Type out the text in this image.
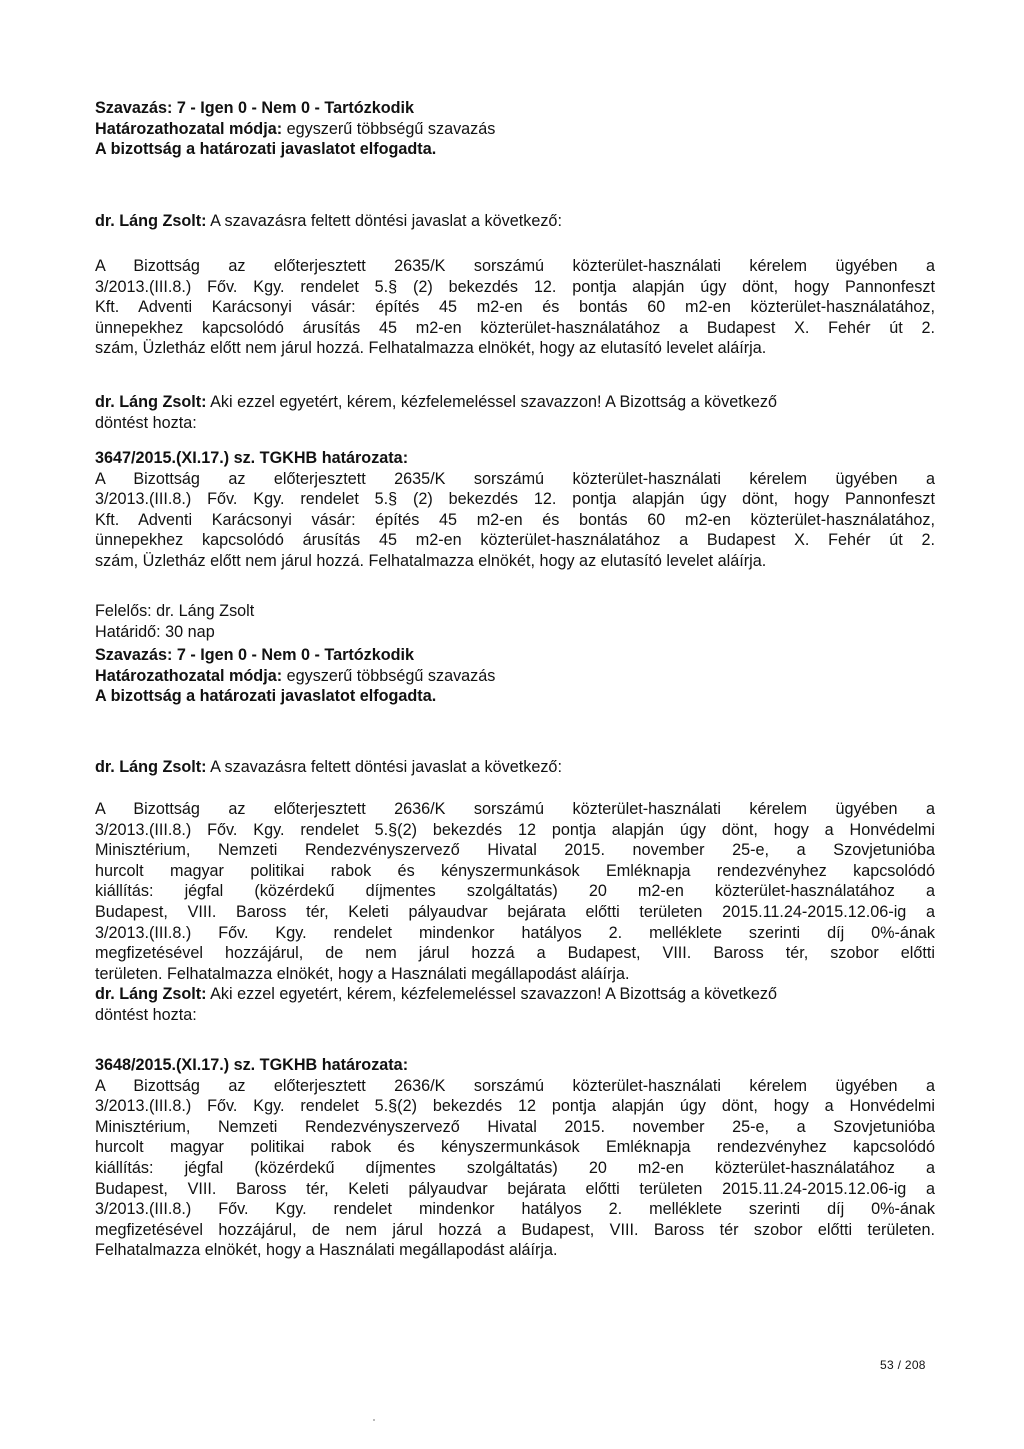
Szavazás: 7 - Igen 0 - Nem 0 - Tartózkodik
Határozathozatal módja: egyszerű többségű szavazás
A bizottság a határozati javaslatot elfogadta.
dr. Láng Zsolt: A szavazásra feltett döntési javaslat a következő:
A Bizottság az előterjesztett 2635/K sorszámú közterület-használati kérelem ügyében a
3/2013.(III.8.) Főv. Kgy. rendelet 5.§ (2) bekezdés 12. pontja alapján úgy dönt, hogy Pannonfeszt
Kft. Adventi Karácsonyi vásár: építés 45 m2-en és bontás 60 m2-en közterület-használatához,
ünnepekhez kapcsolódó árusítás 45 m2-en közterület-használatához a Budapest X. Fehér út 2.
szám, Üzletház előtt nem járul hozzá. Felhatalmazza elnökét, hogy az elutasító levelet aláírja.
dr. Láng Zsolt: Aki ezzel egyetért, kérem, kézfelemeléssel szavazzon! A Bizottság a következő
döntést hozta:
3647/2015.(XI.17.) sz. TGKHB határozata:
A Bizottság az előterjesztett 2635/K sorszámú közterület-használati kérelem ügyében a
3/2013.(III.8.) Főv. Kgy. rendelet 5.§ (2) bekezdés 12. pontja alapján úgy dönt, hogy Pannonfeszt
Kft. Adventi Karácsonyi vásár: építés 45 m2-en és bontás 60 m2-en közterület-használatához,
ünnepekhez kapcsolódó árusítás 45 m2-en közterület-használatához a Budapest X. Fehér út 2.
szám, Üzletház előtt nem járul hozzá. Felhatalmazza elnökét, hogy az elutasító levelet aláírja.
Felelős: dr. Láng Zsolt
Határidő: 30 nap
Szavazás: 7 - Igen 0 - Nem 0 - Tartózkodik
Határozathozatal módja: egyszerű többségű szavazás
A bizottság a határozati javaslatot elfogadta.
dr. Láng Zsolt: A szavazásra feltett döntési javaslat a következő:
A Bizottság az előterjesztett 2636/K sorszámú közterület-használati kérelem ügyében a
3/2013.(III.8.) Főv. Kgy. rendelet 5.§(2) bekezdés 12 pontja alapján úgy dönt, hogy a Honvédelmi
Minisztérium, Nemzeti Rendezvényszervező Hivatal 2015. november 25-e, a Szovjetunióba
hurcolt magyar politikai rabok és kényszermunkások Emléknapja rendezvényhez kapcsolódó
kiállítás: jégfal (közérdekű díjmentes szolgáltatás) 20 m2-en közterület-használatához a
Budapest, VIII. Baross tér, Keleti pályaudvar bejárata előtti területen 2015.11.24-2015.12.06-ig a
3/2013.(III.8.) Főv. Kgy. rendelet mindenkor hatályos 2. melléklete szerinti díj 0%-ának
megfizetésével hozzájárul, de nem járul hozzá a Budapest, VIII. Baross tér, szobor előtti
területen. Felhatalmazza elnökét, hogy a Használati megállapodást aláírja.
dr. Láng Zsolt: Aki ezzel egyetért, kérem, kézfelemeléssel szavazzon! A Bizottság a következő
döntést hozta:
3648/2015.(XI.17.) sz. TGKHB határozata:
A Bizottság az előterjesztett 2636/K sorszámú közterület-használati kérelem ügyében a
3/2013.(III.8.) Főv. Kgy. rendelet 5.§(2) bekezdés 12 pontja alapján úgy dönt, hogy a Honvédelmi
Minisztérium, Nemzeti Rendezvényszervező Hivatal 2015. november 25-e, a Szovjetunióba
hurcolt magyar politikai rabok és kényszermunkások Emléknapja rendezvényhez kapcsolódó
kiállítás: jégfal (közérdekű díjmentes szolgáltatás) 20 m2-en közterület-használatához a
Budapest, VIII. Baross tér, Keleti pályaudvar bejárata előtti területen 2015.11.24-2015.12.06-ig a
3/2013.(III.8.) Főv. Kgy. rendelet mindenkor hatályos 2. melléklete szerinti díj 0%-ának
megfizetésével hozzájárul, de nem járul hozzá a Budapest, VIII. Baross tér szobor előtti területen.
Felhatalmazza elnökét, hogy a Használati megállapodást aláírja.
53 / 208
